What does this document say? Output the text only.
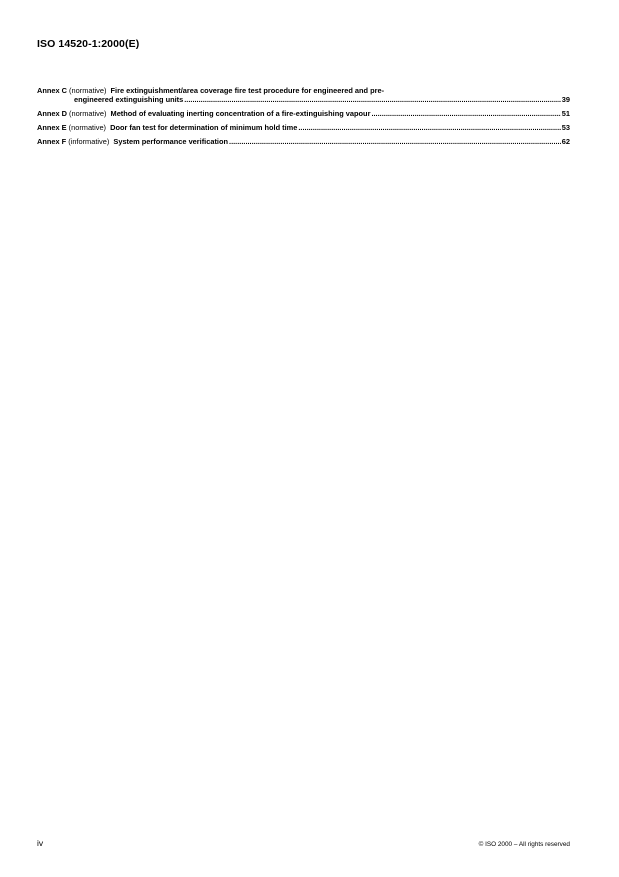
ISO 14520-1:2000(E)
Annex C
(normative)
Fire extinguishment/area coverage fire test procedure for engineered and pre-
engineered extinguishing units .....	39
Annex D
(normative)
Method of evaluating inerting concentration of a fire-extinguishing vapour .....	51
Annex E
(normative)
Door fan test for determination of minimum hold time .....	53
Annex F
(informative)
System performance verification .....	62
iv	© ISO 2000 – All rights reserved
